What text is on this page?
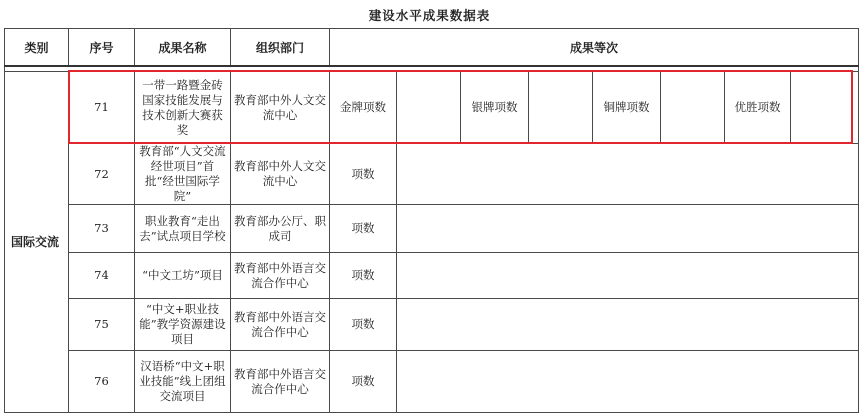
建设水平成果数据表
类别	序号	成果名称	组织部门	成果等次							

国际交流	71	一带一路暨金砖国家技能发展与技术创新大赛获奖	教育部中外人文交流中心	金牌项数		银牌项数		铜牌项数		优胜项数	
	72	教育部“人文交流经世项目”首批“经世国际学院”	教育部中外人文交流中心	项数							
	73	职业教育“走出去”试点项目学校	教育部办公厅、职成司	项数							
	74	“中文工坊”项目	教育部中外语言交流合作中心	项数							
	75	“中文+职业技能”教学资源建设项目	教育部中外语言交流合作中心	项数							
	76	汉语桥“中文+职业技能”线上团组交流项目	教育部中外语言交流合作中心	项数							
